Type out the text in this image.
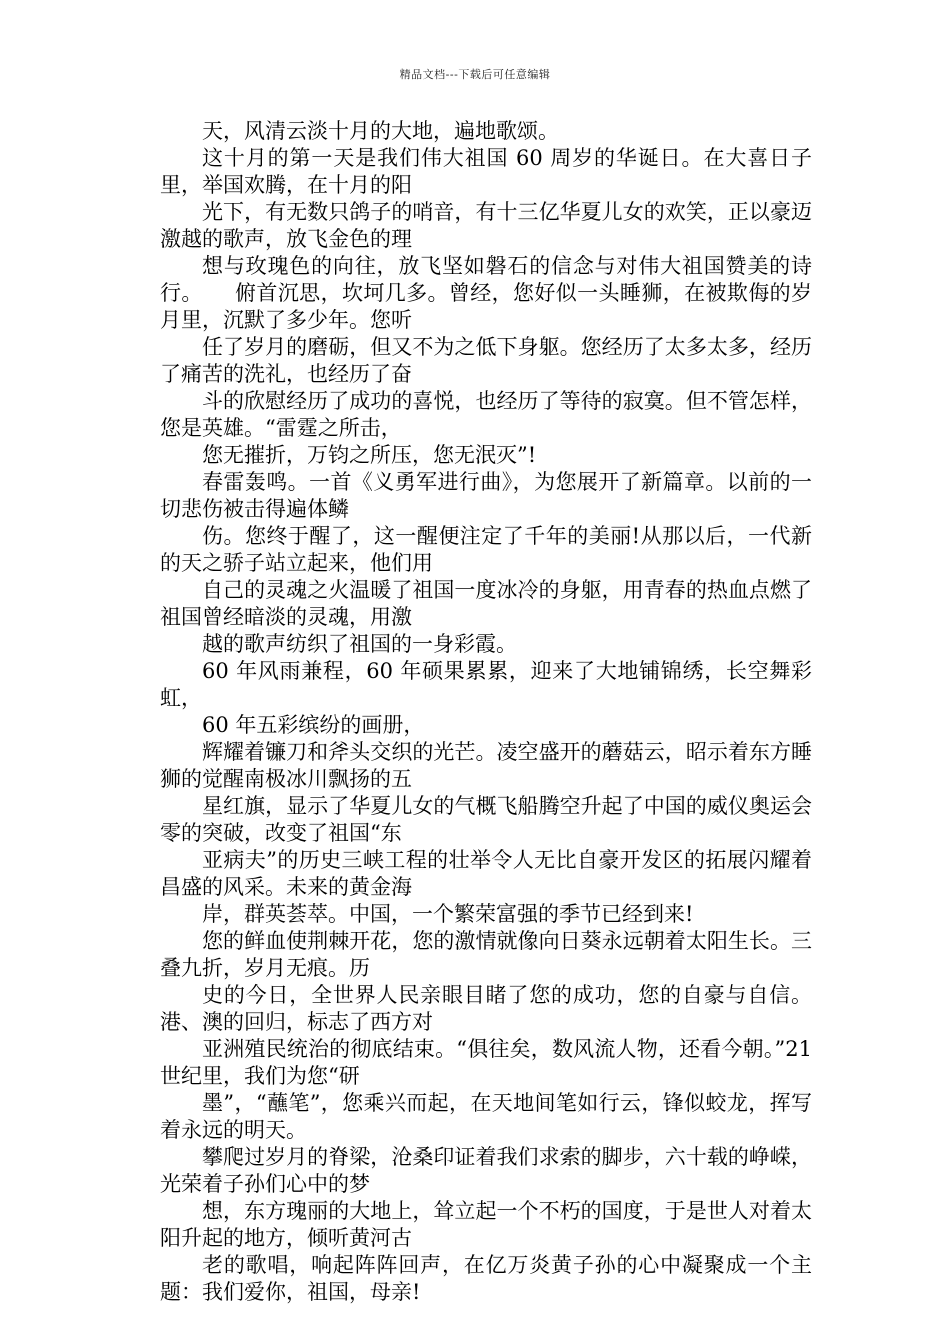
精品文档---下载后可任意编辑

天，风清云淡十月的大地，遍地歌颂。

这十月的第一天是我们伟大祖国 60 周岁的华诞日。在大喜日子里，举国欢腾，在十月的阳

光下，有无数只鸽子的哨音，有十三亿华夏儿女的欢笑，正以豪迈激越的歌声，放飞金色的理

想与玫瑰色的向往，放飞坚如磐石的信念与对伟大祖国赞美的诗行。　　俯首沉思，坎坷几多。曾经，您好似一头睡狮，在被欺侮的岁月里，沉默了多少年。您听

任了岁月的磨砺，但又不为之低下身躯。您经历了太多太多，经历了痛苦的洗礼，也经历了奋

斗的欣慰经历了成功的喜悦，也经历了等待的寂寞。但不管怎样，您是英雄。“雷霆之所击，

您无摧折，万钧之所压，您无泯灭”!

春雷轰鸣。一首《义勇军进行曲》，为您展开了新篇章。以前的一切悲伤被击得遍体鳞

伤。您终于醒了，这一醒便注定了千年的美丽!从那以后，一代新的天之骄子站立起来，他们用

自己的灵魂之火温暖了祖国一度冰冷的身躯，用青春的热血点燃了祖国曾经暗淡的灵魂，用激

越的歌声纺织了祖国的一身彩霞。

60 年风雨兼程，60 年硕果累累，迎来了大地铺锦绣，长空舞彩虹，

60 年五彩缤纷的画册，

辉耀着镰刀和斧头交织的光芒。凌空盛开的蘑菇云，昭示着东方睡狮的觉醒南极冰川飘扬的五

星红旗，显示了华夏儿女的气概飞船腾空升起了中国的威仪奥运会零的突破，改变了祖国“东

亚病夫”的历史三峡工程的壮举令人无比自豪开发区的拓展闪耀着昌盛的风采。未来的黄金海

岸，群英荟萃。中国，一个繁荣富强的季节已经到来!

您的鲜血使荆棘开花，您的激情就像向日葵永远朝着太阳生长。三叠九折，岁月无痕。历

史的今日，全世界人民亲眼目睹了您的成功，您的自豪与自信。港、澳的回归，标志了西方对

亚洲殖民统治的彻底结束。“俱往矣，数风流人物，还看今朝。”21 世纪里，我们为您“研

墨”，“蘸笔”，您乘兴而起，在天地间笔如行云，锋似蛟龙，挥写着永远的明天。

攀爬过岁月的脊梁，沧桑印证着我们求索的脚步，六十载的峥嵘，光荣着子孙们心中的梦

想，东方瑰丽的大地上，耸立起一个不朽的国度，于是世人对着太阳升起的地方，倾听黄河古

老的歌唱，响起阵阵回声，在亿万炎黄子孙的心中凝聚成一个主题：我们爱你，祖国，母亲!
